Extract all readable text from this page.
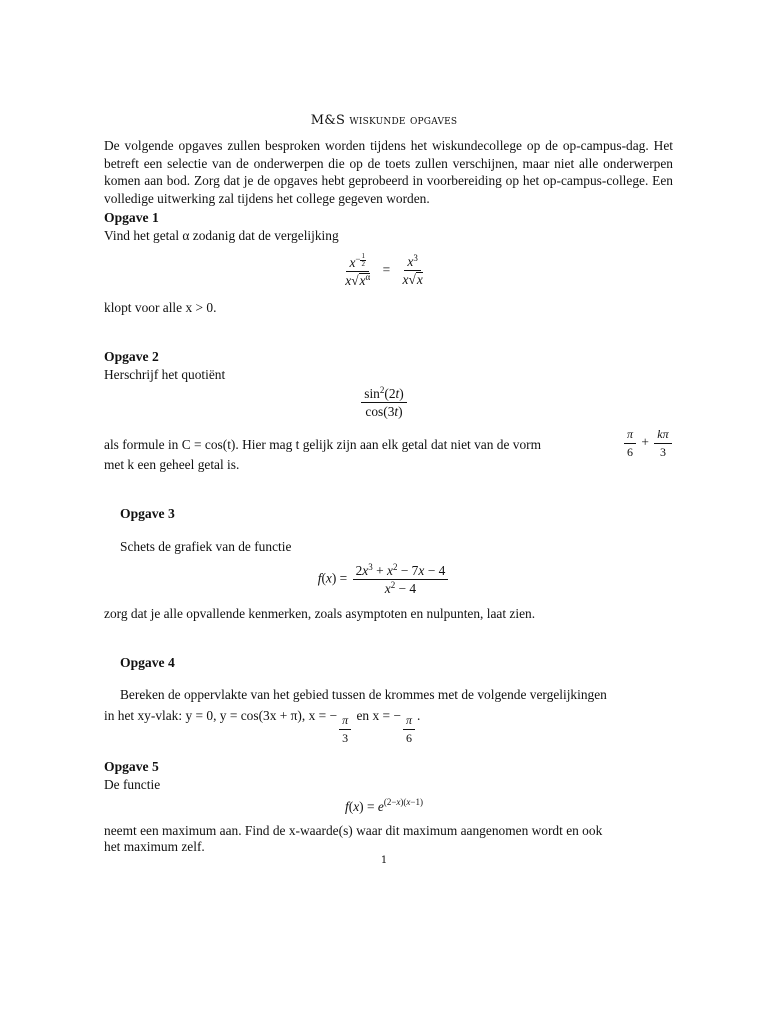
M&S wiskunde opgaves
De volgende opgaves zullen besproken worden tijdens het wiskundecollege op de op-campus-dag. Het betreft een selectie van de onderwerpen die op de toets zullen verschijnen, maar niet alle onderwerpen komen aan bod. Zorg dat je de opgaves hebt geprobeerd in voorbereiding op het op-campus-college. Een volledige uitwerking zal tijdens het college gegeven worden.
Opgave 1
Vind het getal α zodanig dat de vergelijking
$x^{- \frac{1}{2}}$
$x√x^\alpha = \frac{x^3}{x√x}$
klopt voor alle x > 0.
Opgave 2
Herschrijf het quotiënt
$\frac{\sin^2(2t)}{\cos(3t)}$
als formule in C = cos(t). Hier mag t gelijk zijn aan elk getal dat niet van de vorm	$\frac{\pi}{6} + \frac{k\pi}{3}$
met k een geheel getal is.
Opgave 3
Schets de grafiek van de functie
$f(x) = \frac{2x^3 + x^2 - 7x - 4}{x^2 - 4}$
zorg dat je alle opvallende kenmerken, zoals asymptoten en nulpunten, laat zien.
Opgave 4
Bereken de oppervlakte van het gebied tussen de krommes met de volgende vergelijkingen
in het xy-vlak: y = 0, y = cos(3x + π), x = − $\frac{\pi}{3}$ en x = − $\frac{\pi}{6}$ .
Opgave 5
De functie
$f(x) = e^{(2-x)(x-1)}$
neemt een maximum aan. Find de x-waarde(s) waar dit maximum aangenomen wordt en ook
het maximum zelf.
1
